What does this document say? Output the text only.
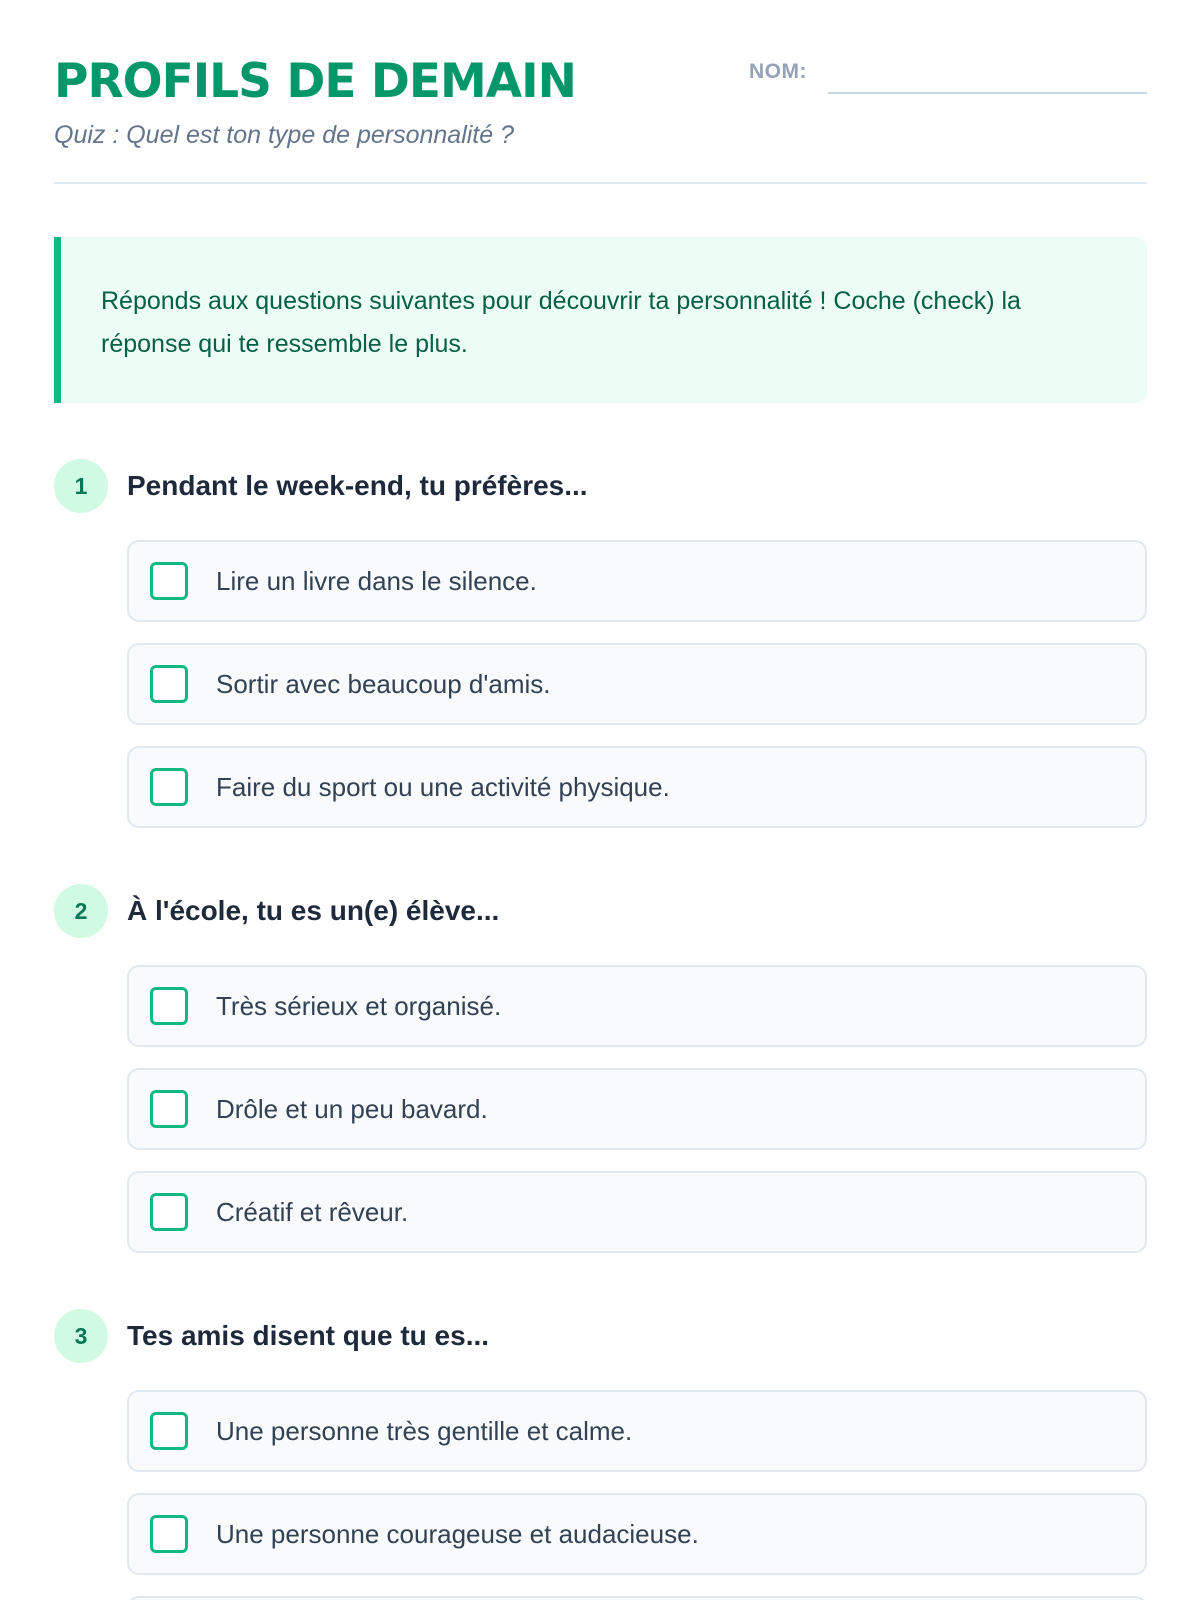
PROFILS DE DEMAIN
Quiz : Quel est ton type de personnalité ?
NOM:
Réponds aux questions suivantes pour découvrir ta personnalité ! Coche (check) la réponse qui te ressemble le plus.
1	Pendant le week-end, tu préfères...
Lire un livre dans le silence.
Sortir avec beaucoup d'amis.
Faire du sport ou une activité physique.
2	À l'école, tu es un(e) élève...
Très sérieux et organisé.
Drôle et un peu bavard.
Créatif et rêveur.
3	Tes amis disent que tu es...
Une personne très gentille et calme.
Une personne courageuse et audacieuse.
